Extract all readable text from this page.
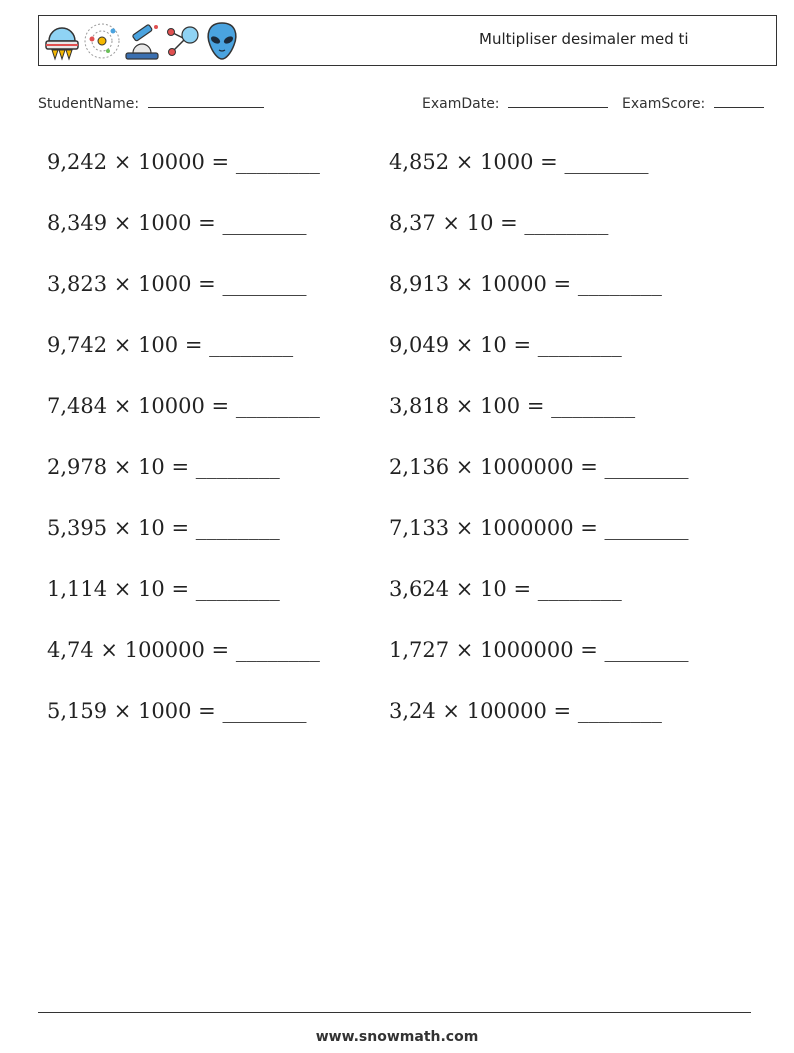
Multipliser desimaler med ti
StudentName:	ExamDate:	ExamScore:
9,242 × 10000 = ________
8,349 × 1000 = ________
3,823 × 1000 = ________
9,742 × 100 = ________
7,484 × 10000 = ________
2,978 × 10 = ________
5,395 × 10 = ________
1,114 × 10 = ________
4,74 × 100000 = ________
5,159 × 1000 = ________
4,852 × 1000 = ________
8,37 × 10 = ________
8,913 × 10000 = ________
9,049 × 10 = ________
3,818 × 100 = ________
2,136 × 1000000 = ________
7,133 × 1000000 = ________
3,624 × 10 = ________
1,727 × 1000000 = ________
3,24 × 100000 = ________
www.snowmath.com
